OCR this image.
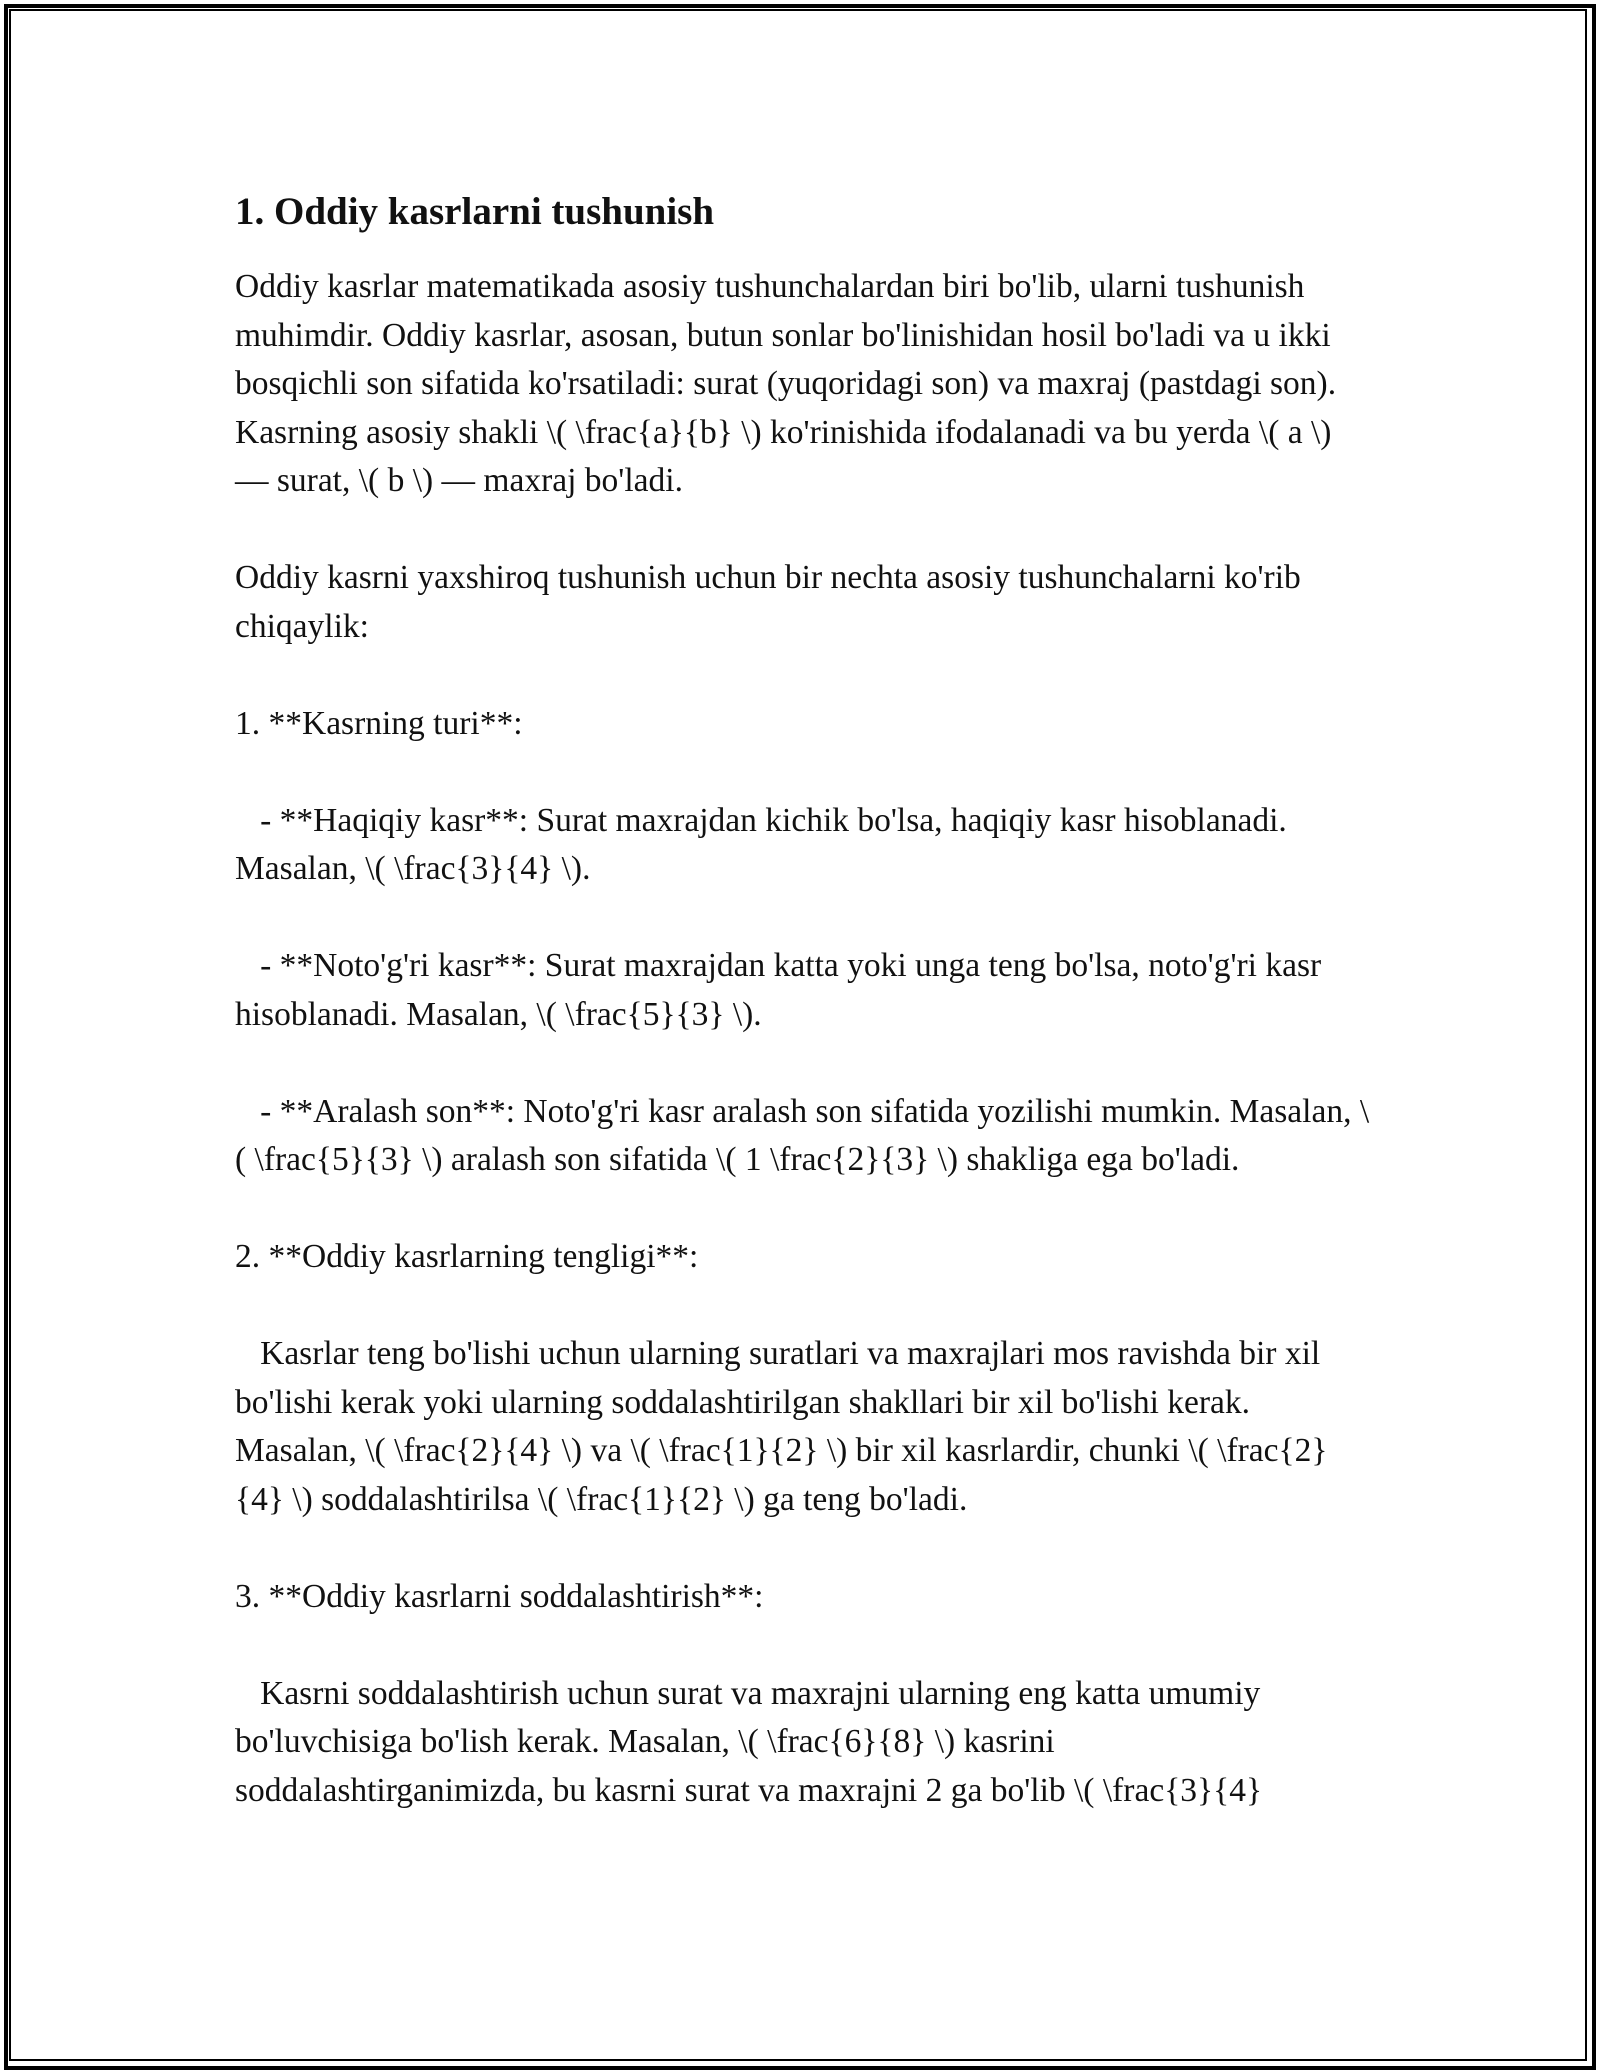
1. Oddiy kasrlarni tushunish
Oddiy kasrlar matematikada asosiy tushunchalardan biri bo'lib, ularni tushunish muhimdir. Oddiy kasrlar, asosan, butun sonlar bo'linishidan hosil bo'ladi va u ikki bosqichli son sifatida ko'rsatiladi: surat (yuqoridagi son) va maxraj (pastdagi son). Kasrning asosiy shakli \( \frac{a}{b} \) ko'rinishida ifodalanadi va bu yerda \( a \) — surat, \( b \) — maxraj bo'ladi.
Oddiy kasrni yaxshiroq tushunish uchun bir nechta asosiy tushunchalarni ko'rib chiqaylik:
1. **Kasrning turi**:
- **Haqiqiy kasr**: Surat maxrajdan kichik bo'lsa, haqiqiy kasr hisoblanadi. Masalan, \( \frac{3}{4} \).
- **Noto'g'ri kasr**: Surat maxrajdan katta yoki unga teng bo'lsa, noto'g'ri kasr hisoblanadi. Masalan, \( \frac{5}{3} \).
- **Aralash son**: Noto'g'ri kasr aralash son sifatida yozilishi mumkin. Masalan, \( \frac{5}{3} \) aralash son sifatida \( 1 \frac{2}{3} \) shakliga ega bo'ladi.
2. **Oddiy kasrlarning tengligi**:
Kasrlar teng bo'lishi uchun ularning suratlari va maxrajlari mos ravishda bir xil bo'lishi kerak yoki ularning soddalashtirilgan shakllari bir xil bo'lishi kerak. Masalan, \( \frac{2}{4} \) va \( \frac{1}{2} \) bir xil kasrlardir, chunki \( \frac{2}{4} \) soddalashtirilsa \( \frac{1}{2} \) ga teng bo'ladi.
3. **Oddiy kasrlarni soddalashtirish**:
Kasrni soddalashtirish uchun surat va maxrajni ularning eng katta umumiy bo'luvchisiga bo'lish kerak. Masalan, \( \frac{6}{8} \) kasrini soddalashtirganimizda, bu kasrni surat va maxrajni 2 ga bo'lib \( \frac{3}{4}
